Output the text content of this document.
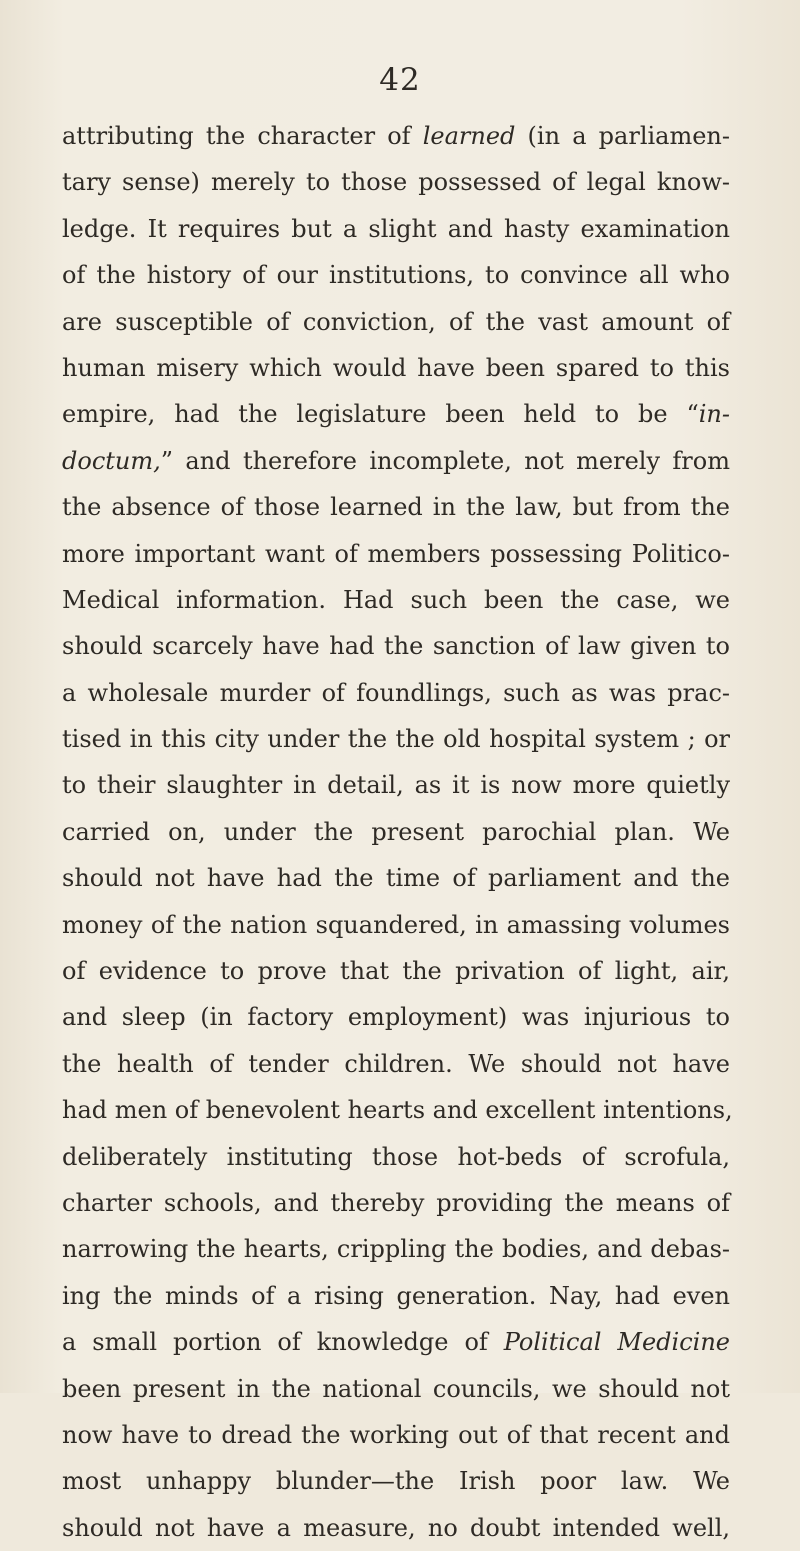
42
attributing the character of learned (in a parliamen-
tary sense) merely to those possessed of legal know-
ledge. It requires but a slight and hasty examination
of the history of our institutions, to convince all who
are susceptible of conviction, of the vast amount of
human misery which would have been spared to this
empire, had the legislature been held to be “in-
doctum,” and therefore incomplete, not merely from
the absence of those learned in the law, but from the
more important want of members possessing Politico-
Medical information. Had such been the case, we
should scarcely have had the sanction of law given to
a wholesale murder of foundlings, such as was prac-
tised in this city under the the old hospital system ; or
to their slaughter in detail, as it is now more quietly
carried on, under the present parochial plan. We
should not have had the time of parliament and the
money of the nation squandered, in amassing volumes
of evidence to prove that the privation of light, air,
and sleep (in factory employment) was injurious to
the health of tender children. We should not have
had men of benevolent hearts and excellent intentions,
deliberately instituting those hot-beds of scrofula,
charter schools, and thereby providing the means of
narrowing the hearts, crippling the bodies, and debas-
ing the minds of a rising generation. Nay, had even
a small portion of knowledge of Political Medicine
been present in the national councils, we should not
now have to dread the working out of that recent and
most unhappy blunder—the Irish poor law. We
should not have a measure, no doubt intended well,
